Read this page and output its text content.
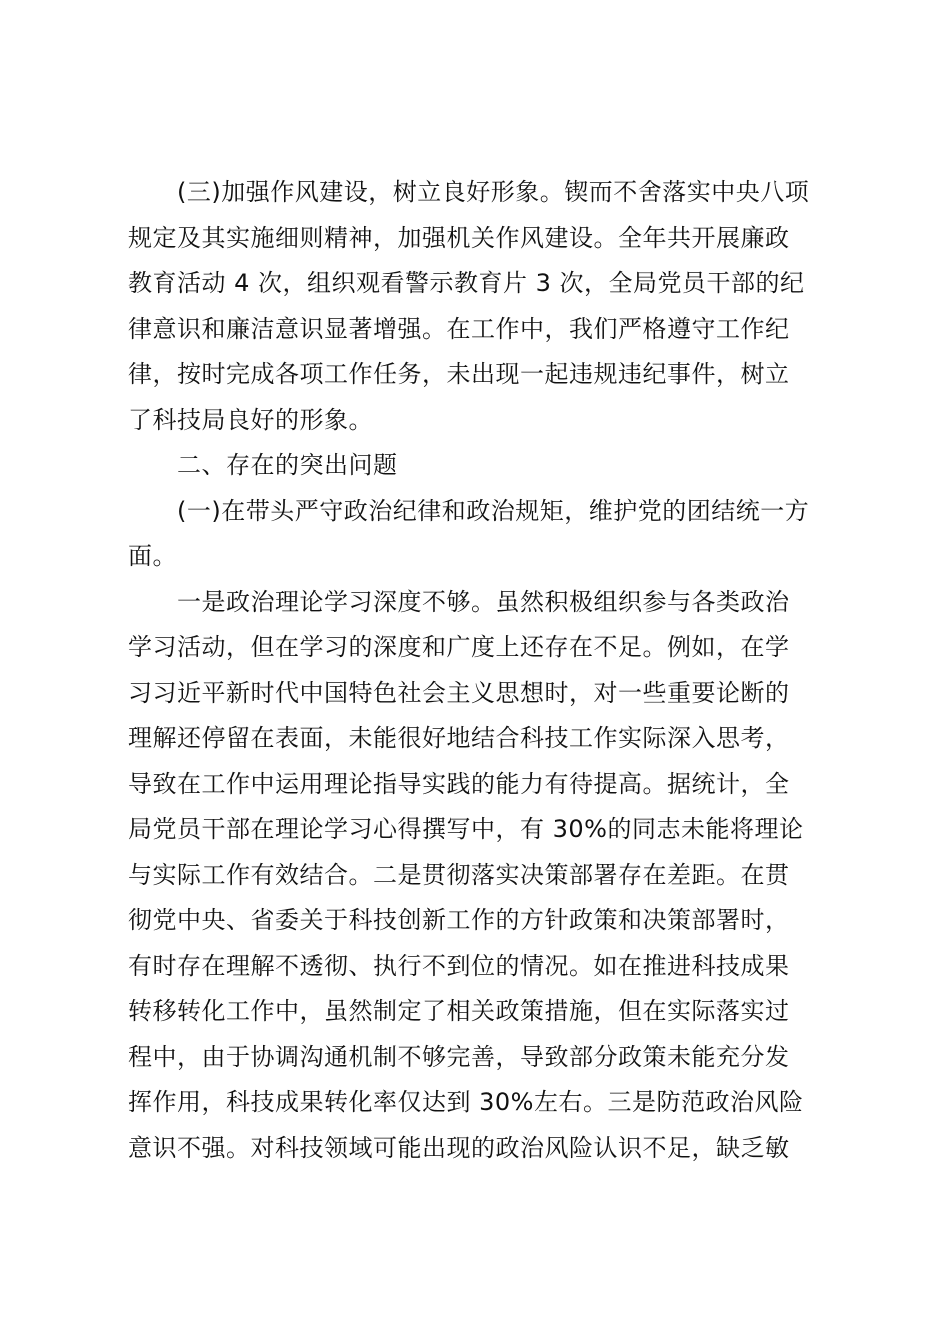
(三)加强作风建设，树立良好形象。锲而不舍落实中央八项
规定及其实施细则精神，加强机关作风建设。全年共开展廉政
教育活动 4 次，组织观看警示教育片 3 次，全局党员干部的纪
律意识和廉洁意识显著增强。在工作中，我们严格遵守工作纪
律，按时完成各项工作任务，未出现一起违规违纪事件，树立
了科技局良好的形象。
二、存在的突出问题
(一)在带头严守政治纪律和政治规矩，维护党的团结统一方
面。
一是政治理论学习深度不够。虽然积极组织参与各类政治
学习活动，但在学习的深度和广度上还存在不足。例如，在学
习习近平新时代中国特色社会主义思想时，对一些重要论断的
理解还停留在表面，未能很好地结合科技工作实际深入思考，
导致在工作中运用理论指导实践的能力有待提高。据统计，全
局党员干部在理论学习心得撰写中，有 30%的同志未能将理论
与实际工作有效结合。二是贯彻落实决策部署存在差距。在贯
彻党中央、省委关于科技创新工作的方针政策和决策部署时，
有时存在理解不透彻、执行不到位的情况。如在推进科技成果
转移转化工作中，虽然制定了相关政策措施，但在实际落实过
程中，由于协调沟通机制不够完善，导致部分政策未能充分发
挥作用，科技成果转化率仅达到 30%左右。三是防范政治风险
意识不强。对科技领域可能出现的政治风险认识不足，缺乏敏
